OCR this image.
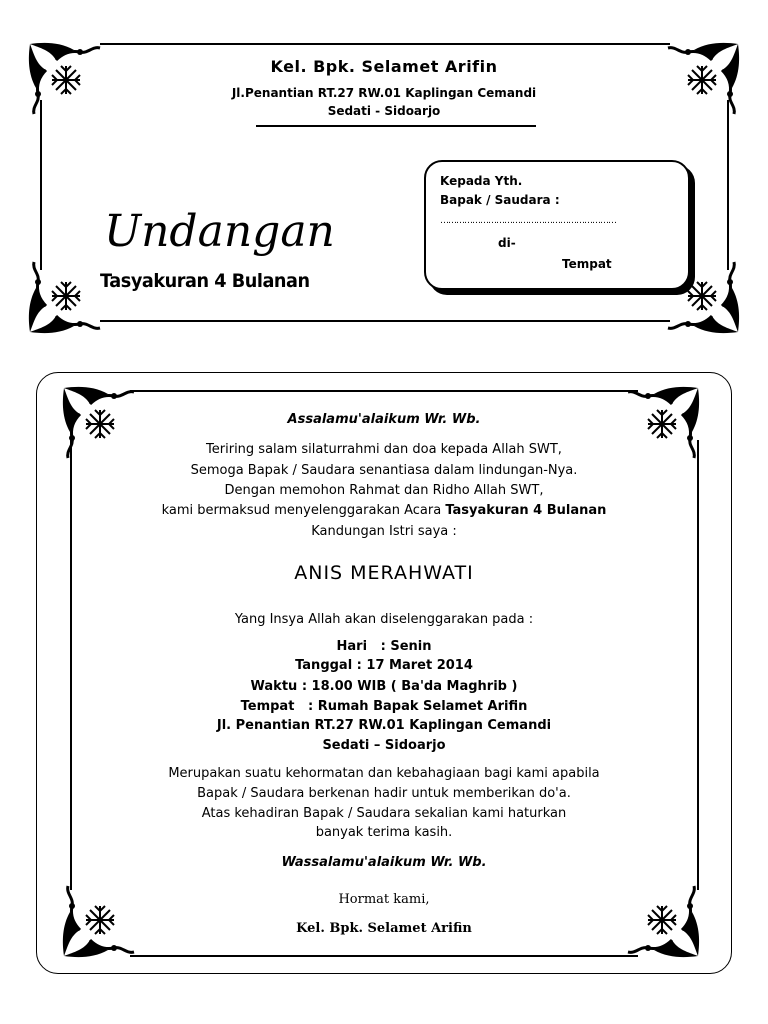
Kel. Bpk. Selamet Arifin
Jl.Penantian RT.27 RW.01 Kaplingan Cemandi
Sedati - Sidoarjo
Undangan
Tasyakuran 4 Bulanan
Kepada Yth.
Bapak / Saudara :
…………………………………………………………
di-
Tempat
Assalamu'alaikum Wr. Wb.
Teriring salam silaturrahmi dan doa kepada Allah SWT,
Semoga Bapak / Saudara senantiasa dalam lindungan-Nya.
Dengan memohon Rahmat dan Ridho Allah SWT,
kami bermaksud menyelenggarakan Acara Tasyakuran 4 Bulanan
Kandungan Istri saya :
ANIS MERAHWATI
Yang Insya Allah akan diselenggarakan pada :
Hari   : Senin
Tanggal : 17 Maret 2014
Waktu : 18.00 WIB ( Ba'da Maghrib )
Tempat   : Rumah Bapak Selamet Arifin
Jl. Penantian RT.27 RW.01 Kaplingan Cemandi
Sedati – Sidoarjo
Merupakan suatu kehormatan dan kebahagiaan bagi kami apabila
Bapak / Saudara berkenan hadir untuk memberikan do'a.
Atas kehadiran Bapak / Saudara sekalian kami haturkan
banyak terima kasih.
Wassalamu'alaikum Wr. Wb.
Hormat kami,
Kel. Bpk. Selamet Arifin
